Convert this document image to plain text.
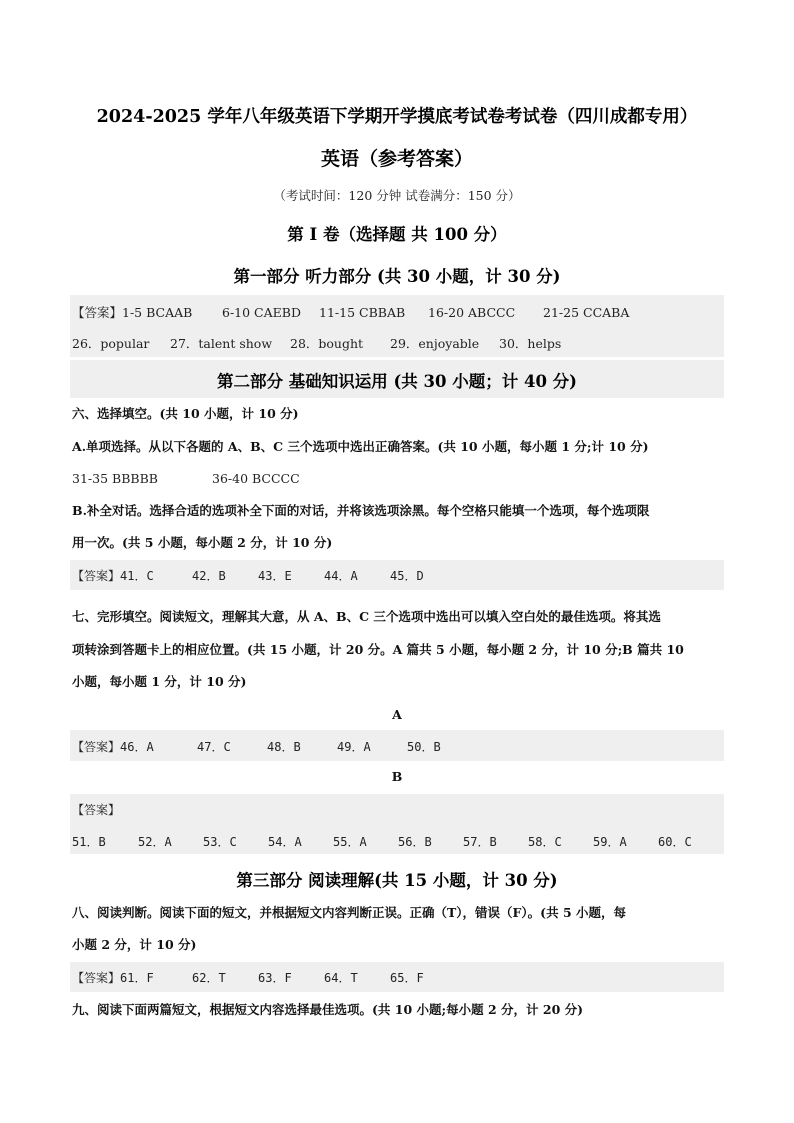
2024-2025 学年八年级英语下学期开学摸底考试卷考试卷（四川成都专用）
英语（参考答案）
（考试时间：120 分钟 试卷满分：150 分）
第 I 卷（选择题 共 100 分）
第一部分 听力部分 (共 30 小题，计 30 分)
【答案】1-5 BCAAB 6-10 CAEBD 11-15 CBBAB 16-20 ABCCC 21-25 CCABA
26．popular 27．talent show 28．bought 29．enjoyable 30．helps
第二部分 基础知识运用 (共 30 小题；计 40 分)
六、选择填空。(共 10 小题，计 10 分)
A.单项选择。从以下各题的 A、B、C 三个选项中选出正确答案。(共 10 小题，每小题 1 分;计 10 分)
31-35 BBBBB	36-40 BCCCC
B.补全对话。选择合适的选项补全下面的对话，并将该选项涂黑。每个空格只能填一个选项，每个选项限
用一次。(共 5 小题，每小题 2 分，计 10 分)
【答案】41．C	42．B	43．E	44．A	45．D
七、完形填空。阅读短文，理解其大意，从 A、B、C 三个选项中选出可以填入空白处的最佳选项。将其选
项转涂到答题卡上的相应位置。(共 15 小题，计 20 分。A 篇共 5 小题，每小题 2 分，计 10 分;B 篇共 10
小题，每小题 1 分，计 10 分)
A
【答案】46．A	47．C	48．B	49．A	50．B
B
【答案】
51．B	52．A	53．C	54．A	55．A	56．B	57．B	58．C	59．A	60．C
第三部分 阅读理解(共 15 小题，计 30 分)
八、阅读判断。阅读下面的短文，并根据短文内容判断正误。正确（T），错误（F）。(共 5 小题，每
小题 2 分，计 10 分)
【答案】61．F	62．T	63．F	64．T	65．F
九、阅读下面两篇短文，根据短文内容选择最佳选项。(共 10 小题;每小题 2 分，计 20 分)
